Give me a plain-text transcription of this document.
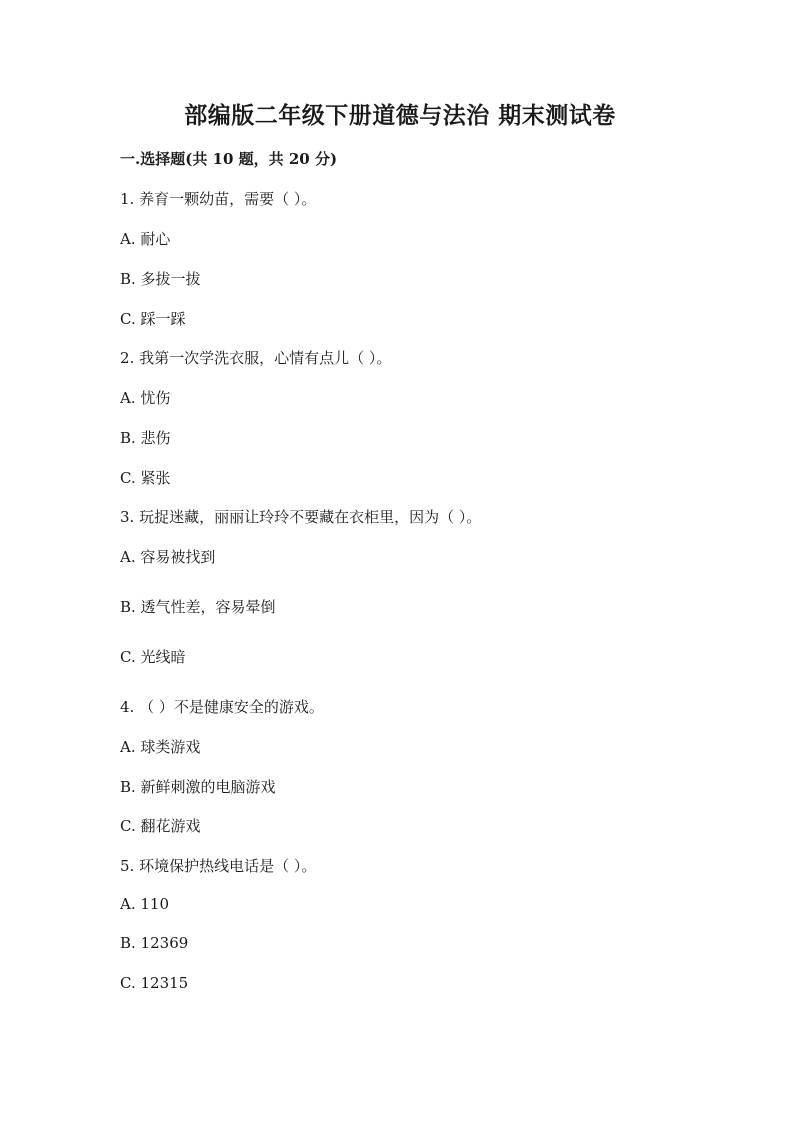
部编版二年级下册道德与法治 期末测试卷
一.选择题(共 10 题，共 20 分)
1. 养育一颗幼苗，需要（ ）。
A. 耐心
B. 多拔一拔
C. 踩一踩
2. 我第一次学洗衣服，心情有点儿（ ）。
A. 忧伤
B. 悲伤
C. 紧张
3. 玩捉迷藏，丽丽让玲玲不要藏在衣柜里，因为（ ）。
A. 容易被找到
B. 透气性差，容易晕倒
C. 光线暗
4. （ ）不是健康安全的游戏。
A. 球类游戏
B. 新鲜刺激的电脑游戏
C. 翻花游戏
5. 环境保护热线电话是（ ）。
A. 110
B. 12369
C. 12315
